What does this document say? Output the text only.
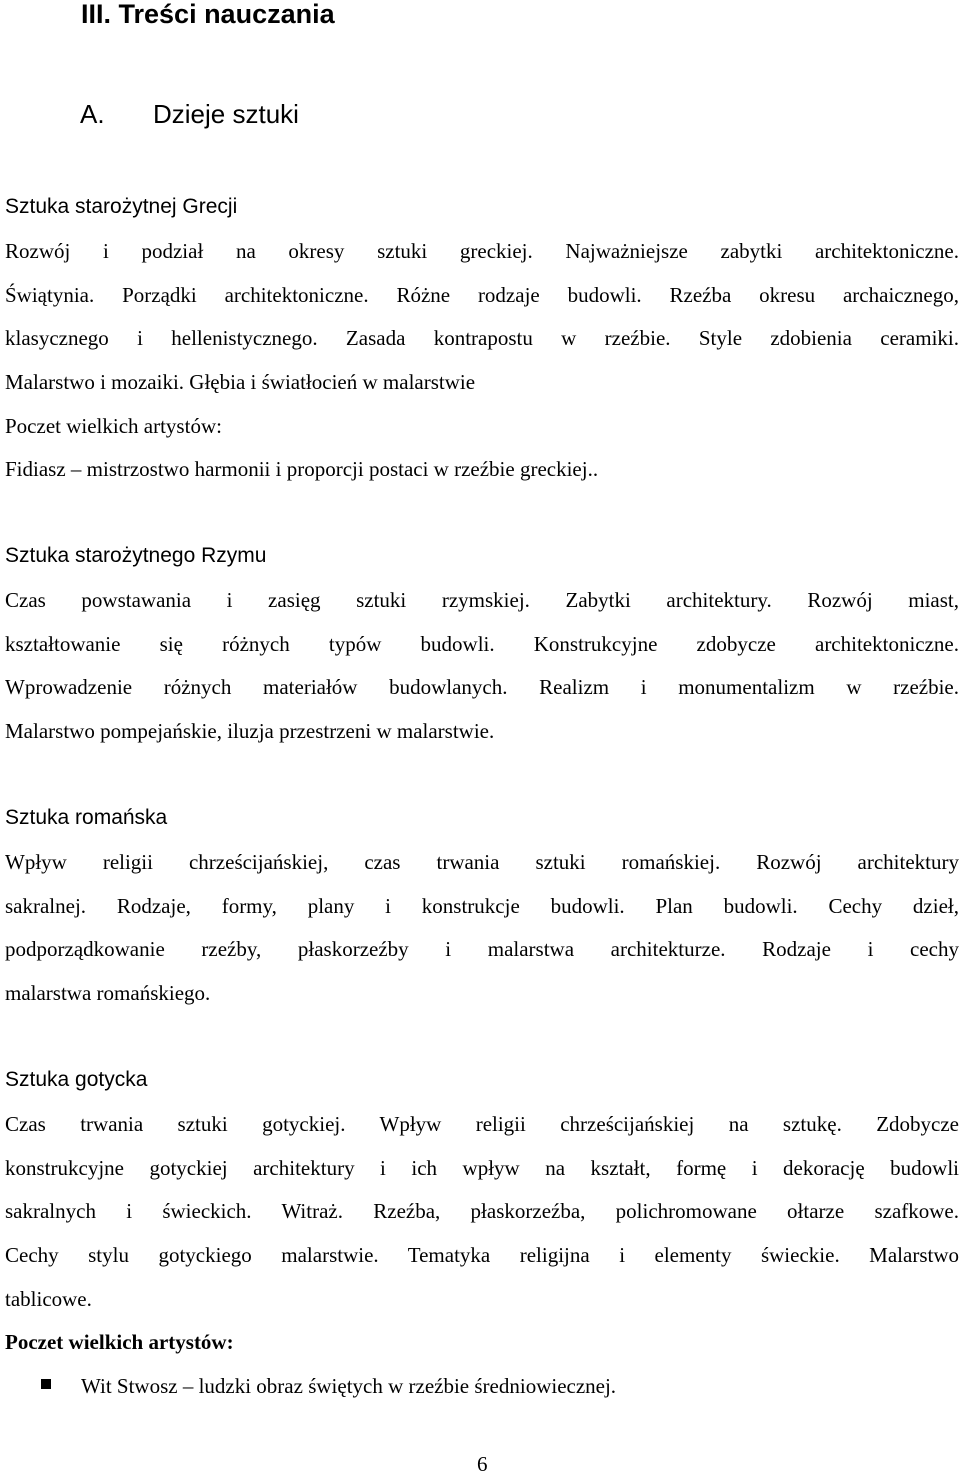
III. Treści nauczania
A. Dzieje sztuki
Sztuka starożytnej Grecji
Rozwój i podział na okresy sztuki greckiej. Najważniejsze zabytki architektoniczne.
Świątynia. Porządki architektoniczne. Różne rodzaje budowli. Rzeźba okresu archaicznego,
klasycznego i hellenistycznego. Zasada kontrapostu w rzeźbie. Style zdobienia ceramiki.
Malarstwo i mozaiki. Głębia i światłocień w malarstwie
Poczet wielkich artystów:
Fidiasz – mistrzostwo harmonii i proporcji postaci w rzeźbie greckiej..
Sztuka starożytnego Rzymu
Czas powstawania i zasięg sztuki rzymskiej. Zabytki architektury. Rozwój miast,
kształtowanie się różnych typów budowli. Konstrukcyjne zdobycze architektoniczne.
Wprowadzenie różnych materiałów budowlanych. Realizm i monumentalizm w rzeźbie.
Malarstwo pompejańskie, iluzja przestrzeni w malarstwie.
Sztuka romańska
Wpływ religii chrześcijańskiej, czas trwania sztuki romańskiej. Rozwój architektury
sakralnej. Rodzaje, formy, plany i konstrukcje budowli. Plan budowli. Cechy dzieł,
podporządkowanie rzeźby, płaskorzeźby i malarstwa architekturze. Rodzaje i cechy
malarstwa romańskiego.
Sztuka gotycka
Czas trwania sztuki gotyckiej. Wpływ religii chrześcijańskiej na sztukę. Zdobycze
konstrukcyjne gotyckiej architektury i ich wpływ na kształt, formę i dekorację budowli
sakralnych i świeckich. Witraż. Rzeźba, płaskorzeźba, polichromowane ołtarze szafkowe.
Cechy stylu gotyckiego malarstwie. Tematyka religijna i elementy świeckie. Malarstwo
tablicowe.
Poczet wielkich artystów:
Wit Stwosz – ludzki obraz świętych w rzeźbie średniowiecznej.
6
